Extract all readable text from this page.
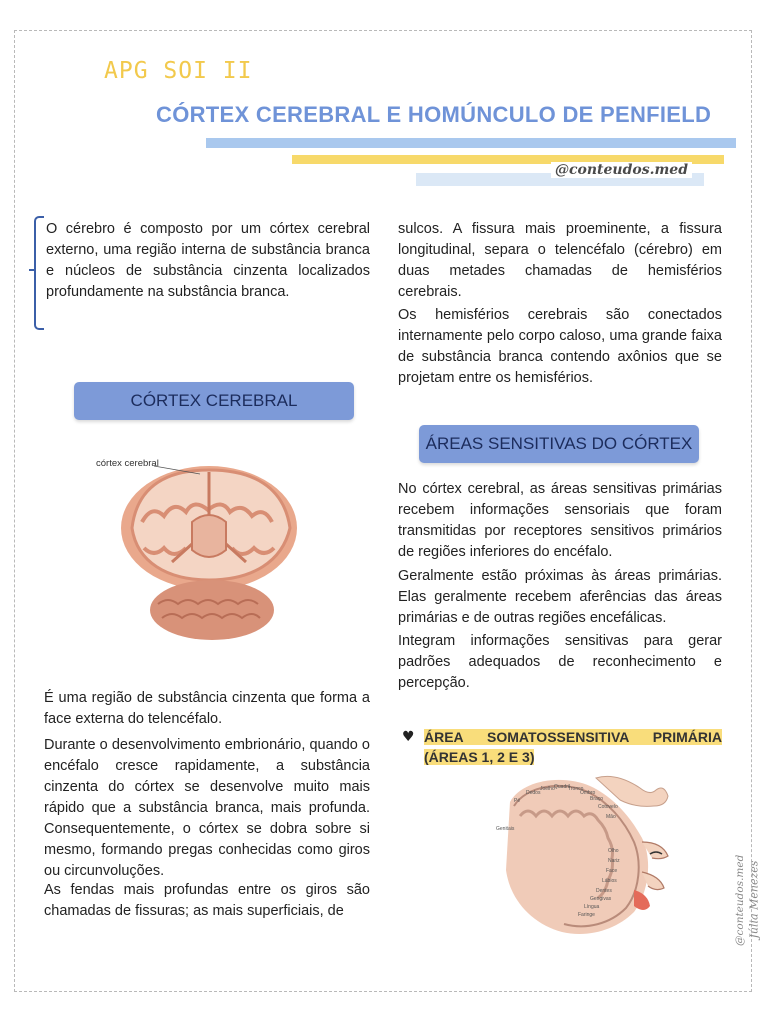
APG SOI II
CÓRTEX CEREBRAL E HOMÚNCULO DE PENFIELD
@conteudos.med

O cérebro é composto por um córtex cerebral externo, uma região interna de substância branca e núcleos de substância cinzenta localizados profundamente na substância branca.

sulcos. A fissura mais proeminente, a fissura longitudinal, separa o telencéfalo (cérebro) em duas metades chamadas de hemisférios cerebrais.

Os hemisférios cerebrais são conectados internamente pelo corpo caloso, uma grande faixa de substância branca contendo axônios que se projetam entre os hemisférios.

CÓRTEX CEREBRAL
córtex cerebral

É uma região de substância cinzenta que forma a face externa do telencéfalo.

Durante o desenvolvimento embrionário, quando o encéfalo cresce rapidamente, a substância cinzenta do córtex se desenvolve muito mais rápido que a substância branca, mais profunda. Consequentemente, o córtex se dobra sobre si mesmo, formando pregas conhecidas como giros ou circunvoluções.

As fendas mais profundas entre os giros são chamadas de fissuras; as mais superficiais, de

ÁREAS SENSITIVAS DO CÓRTEX

No córtex cerebral, as áreas sensitivas primárias recebem informações sensoriais que foram transmitidas por receptores sensitivos primários de regiões inferiores do encéfalo.

Geralmente estão próximas às áreas primárias. Elas geralmente recebem aferências das áreas primárias e de outras regiões encefálicas.

Integram informações sensitivas para gerar padrões adequados de reconhecimento e percepção.

♥ ÁREA SOMATOSSENSITIVA PRIMÁRIA (ÁREAS 1, 2 E 3)
Pé
Dedos
Joelho Quadril
Tronco
Ombro
Braço
Cotovelo
Mão
Olho
Nariz
Face
Lábios
Dentes
Gengivas
Língua
Faringe
Genitais
Júlia Menezes
@conteudos.med
